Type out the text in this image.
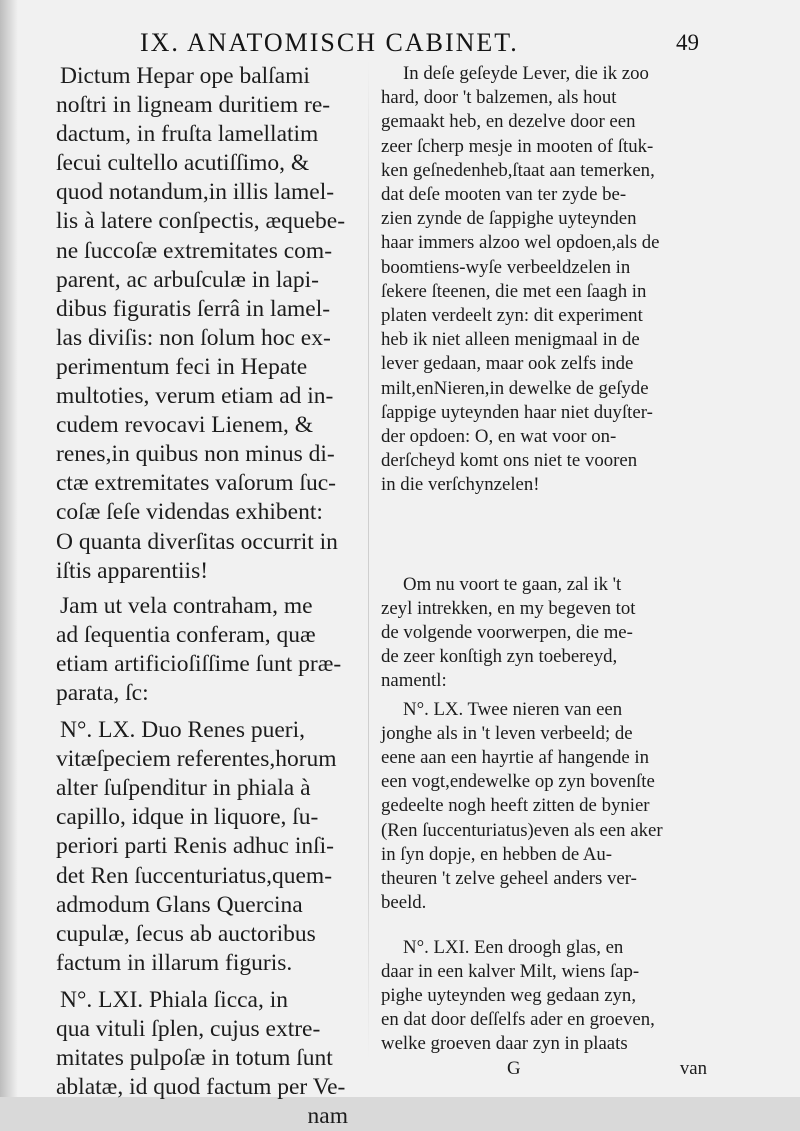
IX. ANATOMISCH CABINET.	49

Dictum Hepar ope balſami

noſtri in ligneam duritiem re-

dactum, in fruſta lamellatim

ſecui cultello acutiſſimo, &

quod notandum,in illis lamel-

lis à latere conſpectis, æquebe-

ne ſuccoſæ extremitates com-

parent, ac arbuſculæ in lapi-

dibus figuratis ſerrâ in lamel-

las diviſis: non ſolum hoc ex-

perimentum feci in Hepate

multoties, verum etiam ad in-

cudem revocavi Lienem, &

renes,in quibus non minus di-

ctæ extremitates vaſorum ſuc-

coſæ ſeſe videndas exhibent:

O quanta diverſitas occurrit in

iſtis apparentiis!

Jam ut vela contraham, me

ad ſequentia conferam, quæ

etiam artificioſiſſime ſunt præ-

parata, ſc:

N°. LX. Duo Renes pueri,

vitæſpeciem referentes,horum

alter ſuſpenditur in phiala à

capillo, idque in liquore, ſu-

periori parti Renis adhuc inſi-

det Ren ſuccenturiatus,quem-

admodum Glans Quercina

cupulæ, ſecus ab auctoribus

factum in illarum figuris.

N°. LXI. Phiala ſicca, in

qua vituli ſplen, cujus extre-

mitates pulpoſæ in totum ſunt

ablatæ, id quod factum per Ve-

nam

In deſe geſeyde Lever, die ik zoo

hard, door 't balzemen, als hout

gemaakt heb, en dezelve door een

zeer ſcherp mesje in mooten of ſtuk-

ken geſnedenheb,ſtaat aan temerken,

dat deſe mooten van ter zyde be-

zien zynde de ſappighe uyteynden

haar immers alzoo wel opdoen,als de

boomtiens-wyſe verbeeldzelen in

ſekere ſteenen, die met een ſaagh in

platen verdeelt zyn: dit experiment

heb ik niet alleen menigmaal in de

lever gedaan, maar ook zelfs inde

milt,enNieren,in dewelke de geſyde

ſappige uyteynden haar niet duyſter-

der opdoen: O, en wat voor on-

derſcheyd komt ons niet te vooren

in die verſchynzelen!

Om nu voort te gaan, zal ik 't

zeyl intrekken, en my begeven tot

de volgende voorwerpen, die me-

de zeer konſtigh zyn toebereyd,

namentl:

N°. LX. Twee nieren van een

jonghe als in 't leven verbeeld; de

eene aan een hayrtie af hangende in

een vogt,endewelke op zyn bovenſte

gedeelte nogh heeft zitten de bynier

(Ren ſuccenturiatus)even als een aker

in ſyn dopje, en hebben de Au-

theuren 't zelve geheel anders ver-

beeld.

N°. LXI. Een droogh glas, en

daar in een kalver Milt, wiens ſap-

pighe uyteynden weg gedaan zyn,

en dat door deſſelfs ader en groeven,

welke groeven daar zyn in plaats

G	van
